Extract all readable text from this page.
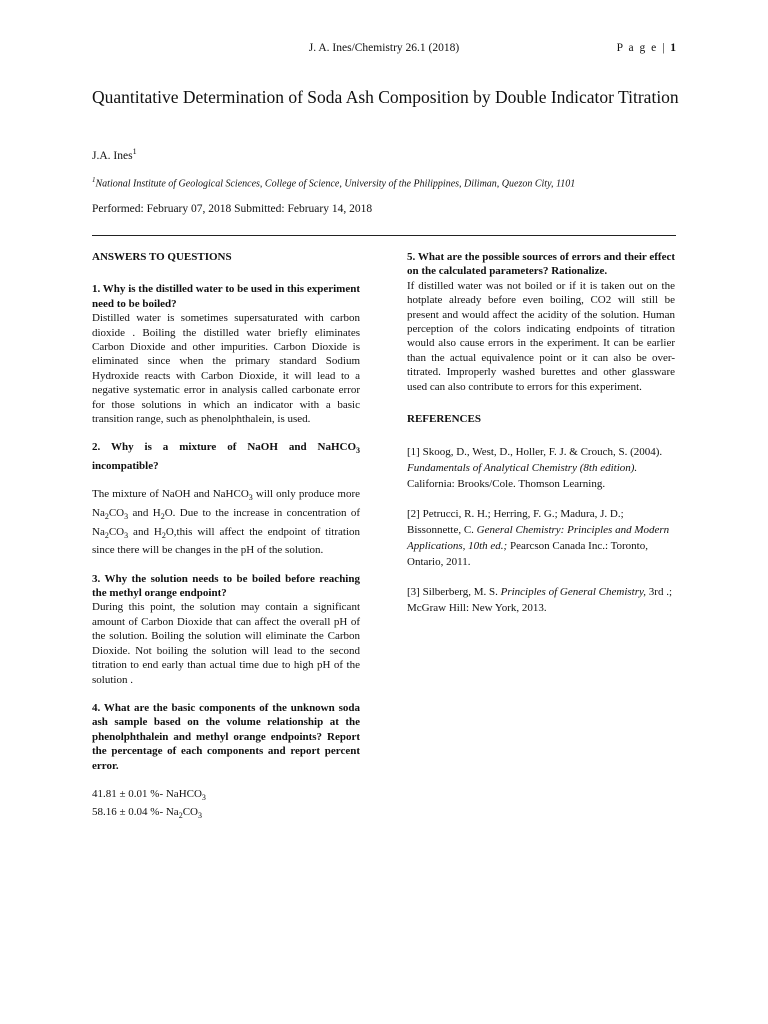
J. A. Ines/Chemistry 26.1 (2018)	P a g e | 1
Quantitative Determination of Soda Ash Composition by Double Indicator Titration
J.A. Ines$^1$
$^1$National Institute of Geological Sciences, College of Science, University of the Philippines, Diliman, Quezon City, 1101
Performed: February 07, 2018 Submitted: February 14, 2018

ANSWERS TO QUESTIONS

1. Why is the distilled water to be used in this experiment need to be boiled?

Distilled water is sometimes supersaturated with carbon dioxide . Boiling the distilled water briefly eliminates Carbon Dioxide and other impurities. Carbon Dioxide is eliminated since when the primary standard Sodium Hydroxide reacts with Carbon Dioxide, it will lead to a negative systematic error in analysis called carbonate error for those solutions in which an indicator with a basic transition range, such as phenolphthalein, is used.

2. Why is a mixture of NaOH and NaHCO$_3$ incompatible?

The mixture of NaOH and NaHCO$_3$ will only produce more $Na_2CO_3$ and $H_2O$. Due to the increase in concentration of $Na_2CO_3$ and $H_2O,this$ will affect the endpoint of titration since there will be changes in the pH of the solution.

3. Why the solution needs to be boiled before reaching the methyl orange endpoint?

During this point, the solution may contain a significant amount of Carbon Dioxide that can affect the overall pH of the solution. Boiling the solution will eliminate the Carbon Dioxide. Not boiling the solution will lead to the second titration to end early than actual time due to high pH of the solution .

4. What are the basic components of the unknown soda ash sample based on the volume relationship at the phenolphthalein and methyl orange endpoints? Report the percentage of each components and report percent error.

41.81 ± 0.01 %- NaHCO$_3$

58.16 ± 0.04 %- $Na_2CO_3$

5. What are the possible sources of errors and their effect on the calculated parameters? Rationalize.

If distilled water was not boiled or if it is taken out on the hotplate already before even boiling, CO2 will still be present and would affect the acidity of the solution. Human perception of the colors indicating endpoints of titration would also cause errors in the experiment. It can be earlier than the actual equivalence point or it can also be over-titrated. Improperly washed burettes and other glassware used can also contribute to errors for this experiment.

REFERENCES

[1] Skoog, D., West, D., Holler, F. J. & Crouch, S. (2004). Fundamentals of Analytical Chemistry (8th edition). California: Brooks/Cole. Thomson Learning.

[2] Petrucci, R. H.; Herring, F. G.; Madura, J. D.; Bissonnette, C. General Chemistry: Principles and Modern Applications, 10th ed.; Pearcson Canada Inc.: Toronto, Ontario, 2011.

[3] Silberberg, M. S. Principles of General Chemistry, 3rd .; McGraw Hill: New York, 2013.
